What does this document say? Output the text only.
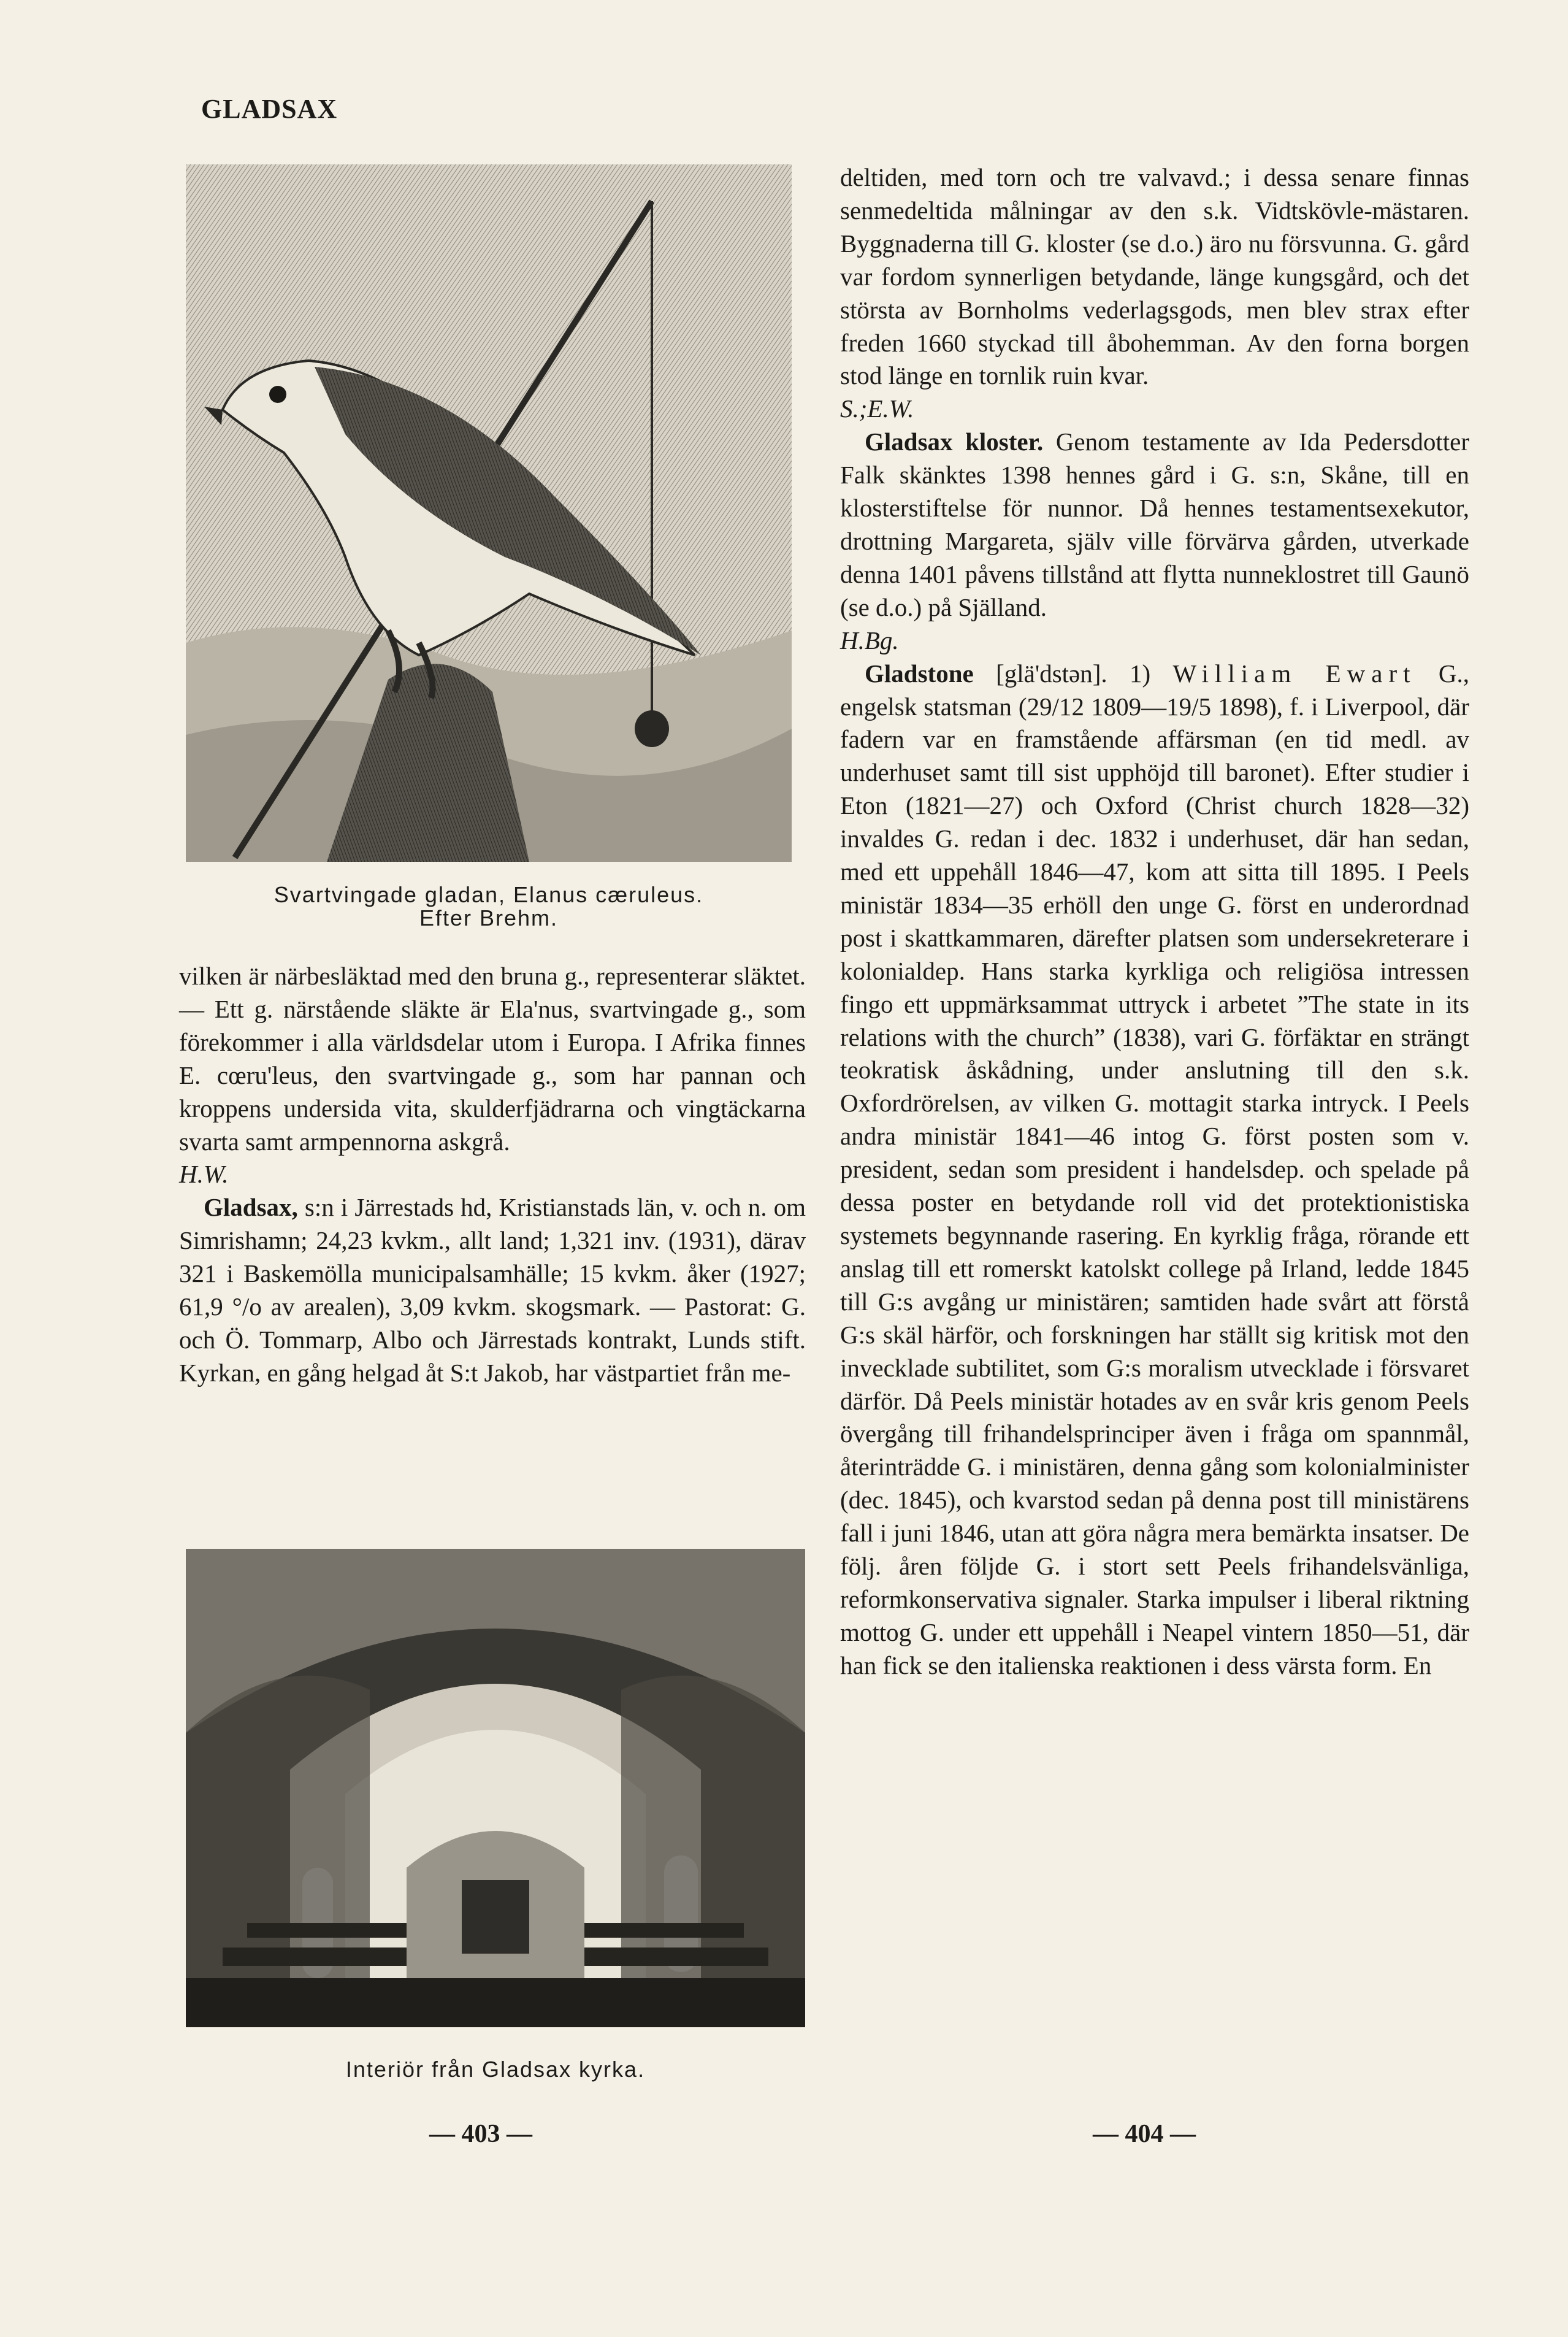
GLADSAX
Svartvingade gladan, Elanus cæruleus.
Efter Brehm.
Interiör från Gladsax kyrka.

vilken är närbesläktad med den bruna g., representerar släktet. — Ett g. närstående släkte är Ela'nus, svartvingade g., som förekommer i alla världsdelar utom i Europa. I Afrika finnes E. cœru'leus, den svartvingade g., som har pannan och kroppens undersida vita, skulderfjädrarna och vingtäckarna svarta samt armpennorna askgrå.

H.W.

Gladsax, s:n i Järrestads hd, Kristianstads län, v. och n. om Simrishamn; 24,23 kvkm., allt land; 1,321 inv. (1931), därav 321 i Baskemölla municipalsamhälle; 15 kvkm. åker (1927; 61,9 °/o av arealen), 3,09 kvkm. skogsmark. — Pastorat: G. och Ö. Tommarp, Albo och Järrestads kontrakt, Lunds stift. Kyrkan, en gång helgad åt S:t Jakob, har västpartiet från me-

deltiden, med torn och tre valvavd.; i dessa senare finnas senmedeltida målningar av den s.k. Vidtskövle-mästaren. Byggnaderna till G. kloster (se d.o.) äro nu försvunna. G. gård var fordom synnerligen betydande, länge kungsgård, och det största av Bornholms vederlagsgods, men blev strax efter freden 1660 styckad till åbohemman. Av den forna borgen stod länge en tornlik ruin kvar.

S.;E.W.

Gladsax kloster. Genom testamente av Ida Pedersdotter Falk skänktes 1398 hennes gård i G. s:n, Skåne, till en klosterstiftelse för nunnor. Då hennes testamentsexekutor, drottning Margareta, själv ville förvärva gården, utverkade denna 1401 påvens tillstånd att flytta nunneklostret till Gaunö (se d.o.) på Själland.

H.Bg.

Gladstone [glä'dstən]. 1) William Ewart G., engelsk statsman (29/12 1809—19/5 1898), f. i Liverpool, där fadern var en framstående affärsman (en tid medl. av underhuset samt till sist upphöjd till baronet). Efter studier i Eton (1821—27) och Oxford (Christ church 1828—32) invaldes G. redan i dec. 1832 i underhuset, där han sedan, med ett uppehåll 1846—47, kom att sitta till 1895. I Peels ministär 1834—35 erhöll den unge G. först en underordnad post i skattkammaren, därefter platsen som undersekreterare i kolonialdep. Hans starka kyrkliga och religiösa intressen fingo ett uppmärksammat uttryck i arbetet ”The state in its relations with the church” (1838), vari G. förfäktar en strängt teokratisk åskådning, under anslutning till den s.k. Oxfordrörelsen, av vilken G. mottagit starka intryck. I Peels andra ministär 1841—46 intog G. först posten som v. president, sedan som president i handelsdep. och spelade på dessa poster en betydande roll vid det protektionistiska systemets begynnande rasering. En kyrklig fråga, rörande ett anslag till ett romerskt katolskt college på Irland, ledde 1845 till G:s avgång ur ministären; samtiden hade svårt att förstå G:s skäl härför, och forskningen har ställt sig kritisk mot den invecklade subtilitet, som G:s moralism utvecklade i försvaret därför. Då Peels ministär hotades av en svår kris genom Peels övergång till frihandelsprinciper även i fråga om spannmål, återinträdde G. i ministären, denna gång som kolonialminister (dec. 1845), och kvarstod sedan på denna post till ministärens fall i juni 1846, utan att göra några mera bemärkta insatser. De följ. åren följde G. i stort sett Peels frihandelsvänliga, reformkonservativa signaler. Starka impulser i liberal riktning mottog G. under ett uppehåll i Neapel vintern 1850—51, där han fick se den italienska reaktionen i dess värsta form. En

— 403 —	— 404 —
